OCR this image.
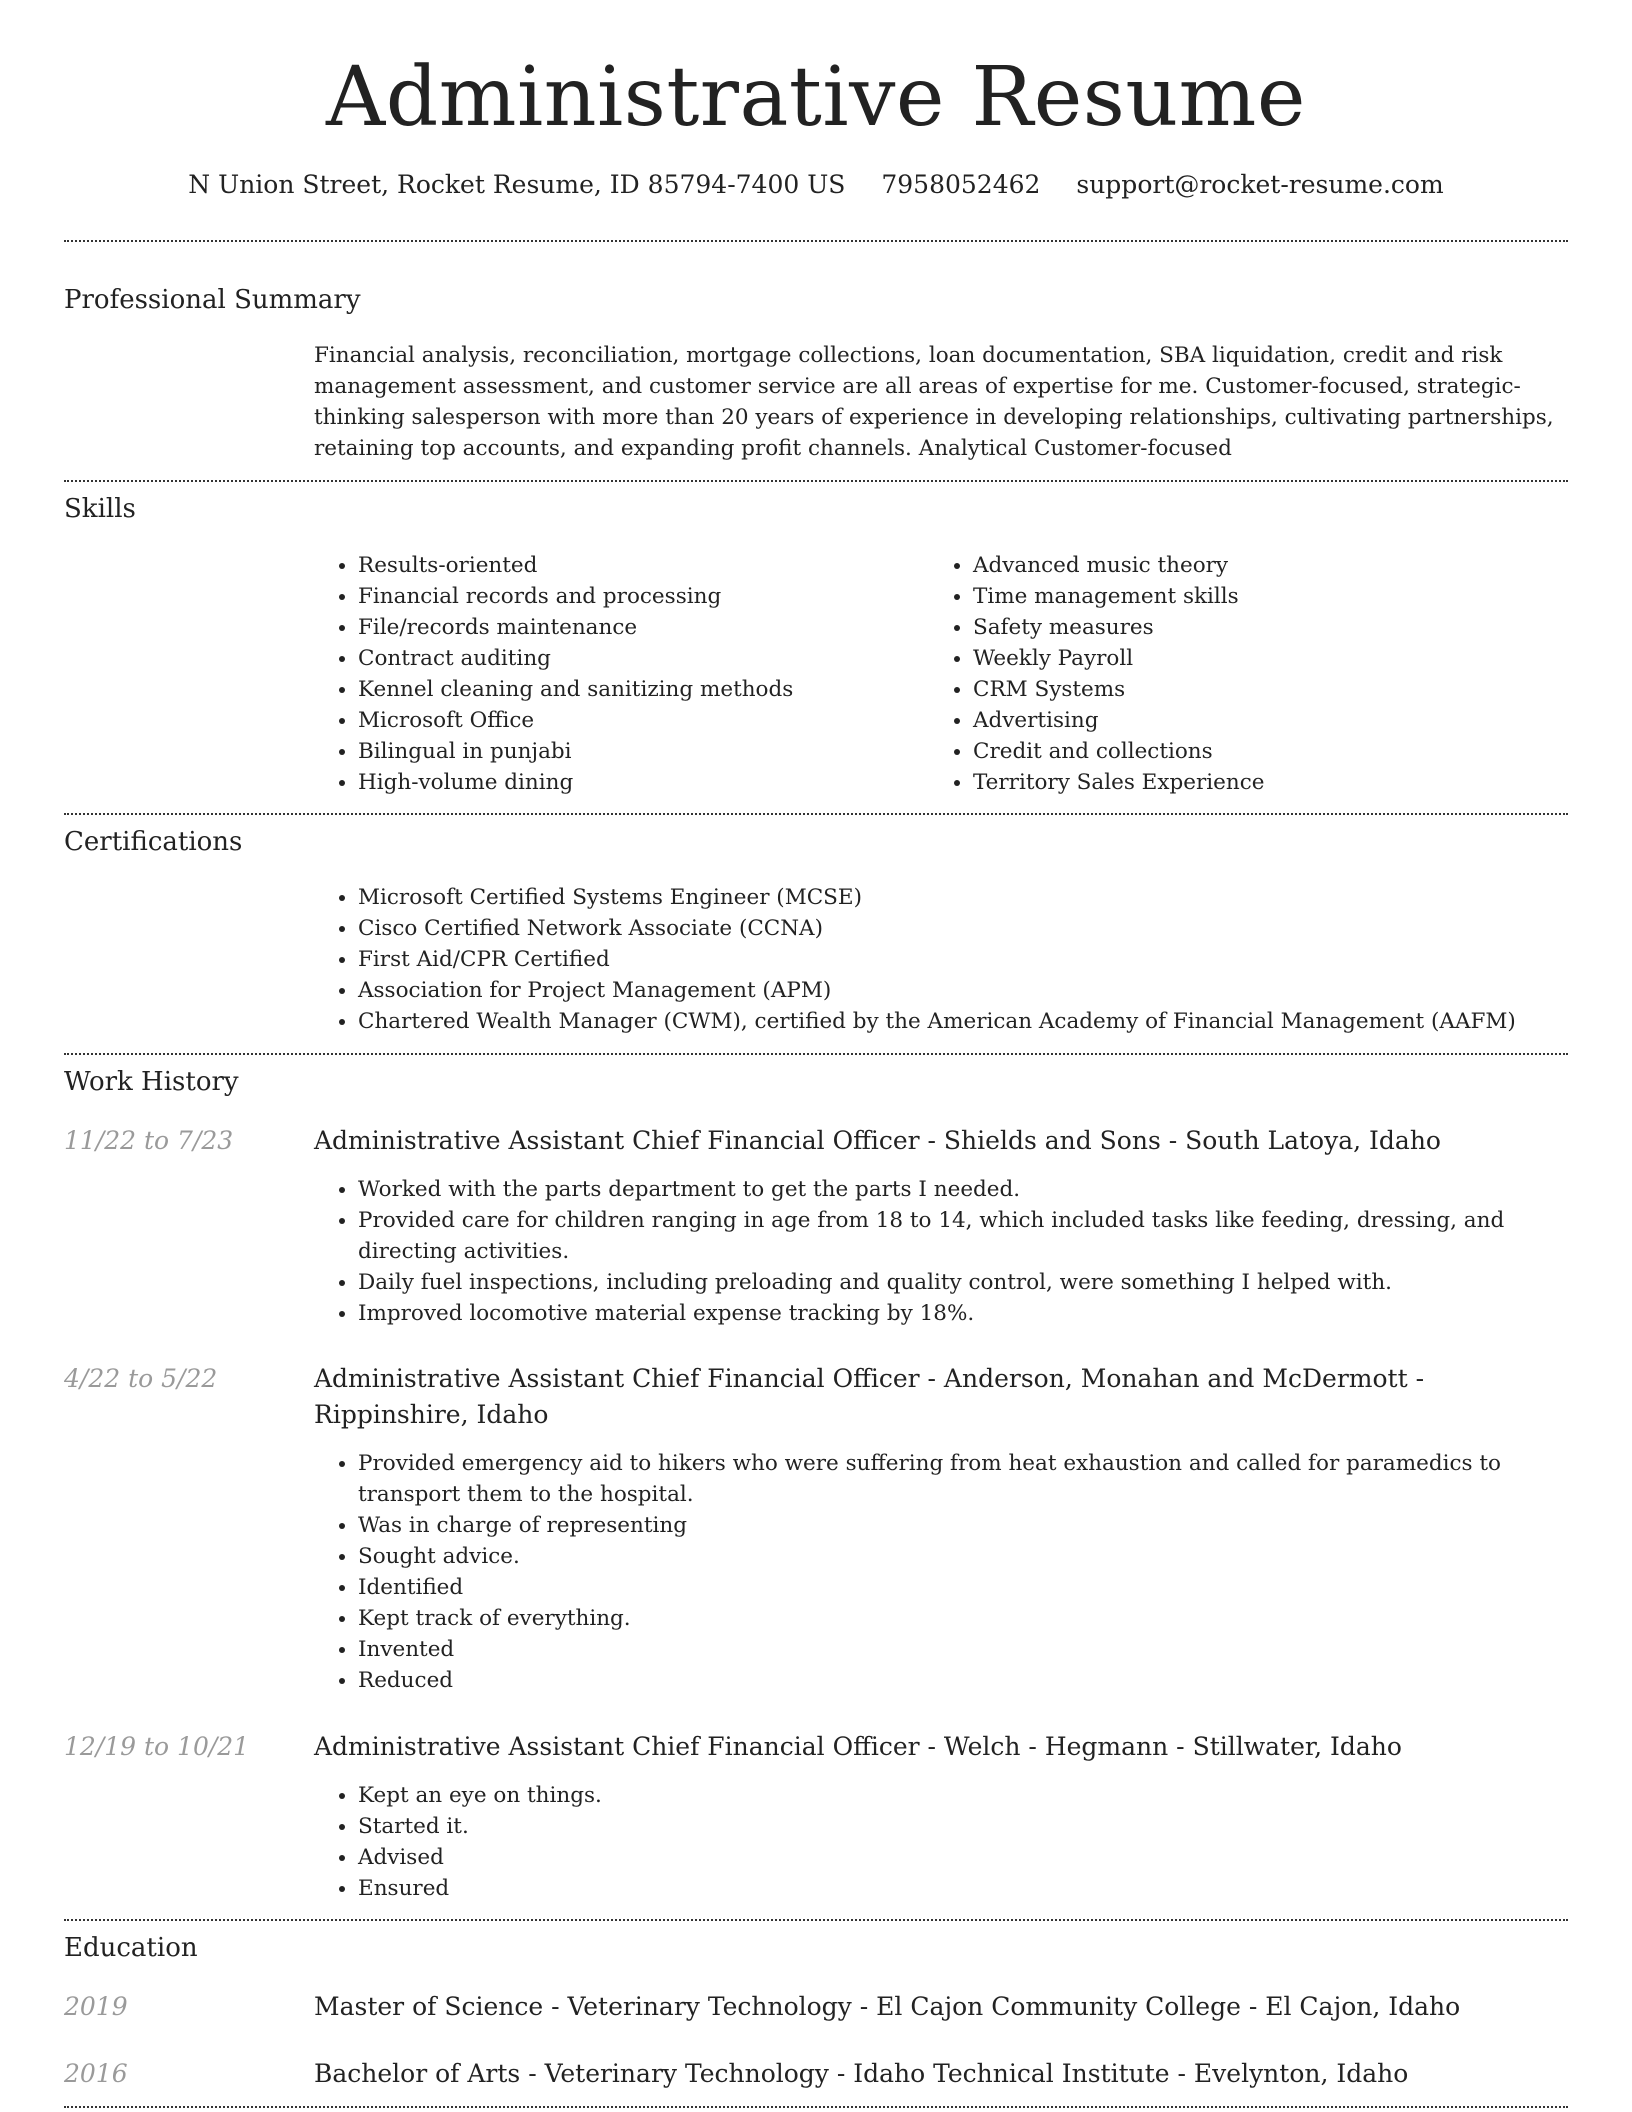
Administrative Resume
N Union Street, Rocket Resume, ID 85794-7400 US 7958052462 support@rocket-resume.com
Professional Summary
Financial analysis, reconciliation, mortgage collections, loan documentation, SBA liquidation, credit and risk management assessment, and customer service are all areas of expertise for me. Customer-focused, strategic-thinking salesperson with more than 20 years of experience in developing relationships, cultivating partnerships, retaining top accounts, and expanding profit channels. Analytical Customer-focused
Skills
• Results-oriented
• Financial records and processing
• File/records maintenance
• Contract auditing
• Kennel cleaning and sanitizing methods
• Microsoft Office
• Bilingual in punjabi
• High-volume dining
• Advanced music theory
• Time management skills
• Safety measures
• Weekly Payroll
• CRM Systems
• Advertising
• Credit and collections
• Territory Sales Experience
Certifications
• Microsoft Certified Systems Engineer (MCSE)
• Cisco Certified Network Associate (CCNA)
• First Aid/CPR Certified
• Association for Project Management (APM)
• Chartered Wealth Manager (CWM), certified by the American Academy of Financial Management (AAFM)
Work History
11/22 to 7/23	Administrative Assistant Chief Financial Officer - Shields and Sons - South Latoya, Idaho
• Worked with the parts department to get the parts I needed.
• Provided care for children ranging in age from 18 to 14, which included tasks like feeding, dressing, and directing activities.
• Daily fuel inspections, including preloading and quality control, were something I helped with.
• Improved locomotive material expense tracking by 18%.
4/22 to 5/22	Administrative Assistant Chief Financial Officer - Anderson, Monahan and McDermott - Rippinshire, Idaho
• Provided emergency aid to hikers who were suffering from heat exhaustion and called for paramedics to transport them to the hospital.
• Was in charge of representing
• Sought advice.
• Identified
• Kept track of everything.
• Invented
• Reduced
12/19 to 10/21	Administrative Assistant Chief Financial Officer - Welch - Hegmann - Stillwater, Idaho
• Kept an eye on things.
• Started it.
• Advised
• Ensured
Education
2019	Master of Science - Veterinary Technology - El Cajon Community College - El Cajon, Idaho
2016	Bachelor of Arts - Veterinary Technology - Idaho Technical Institute - Evelynton, Idaho
